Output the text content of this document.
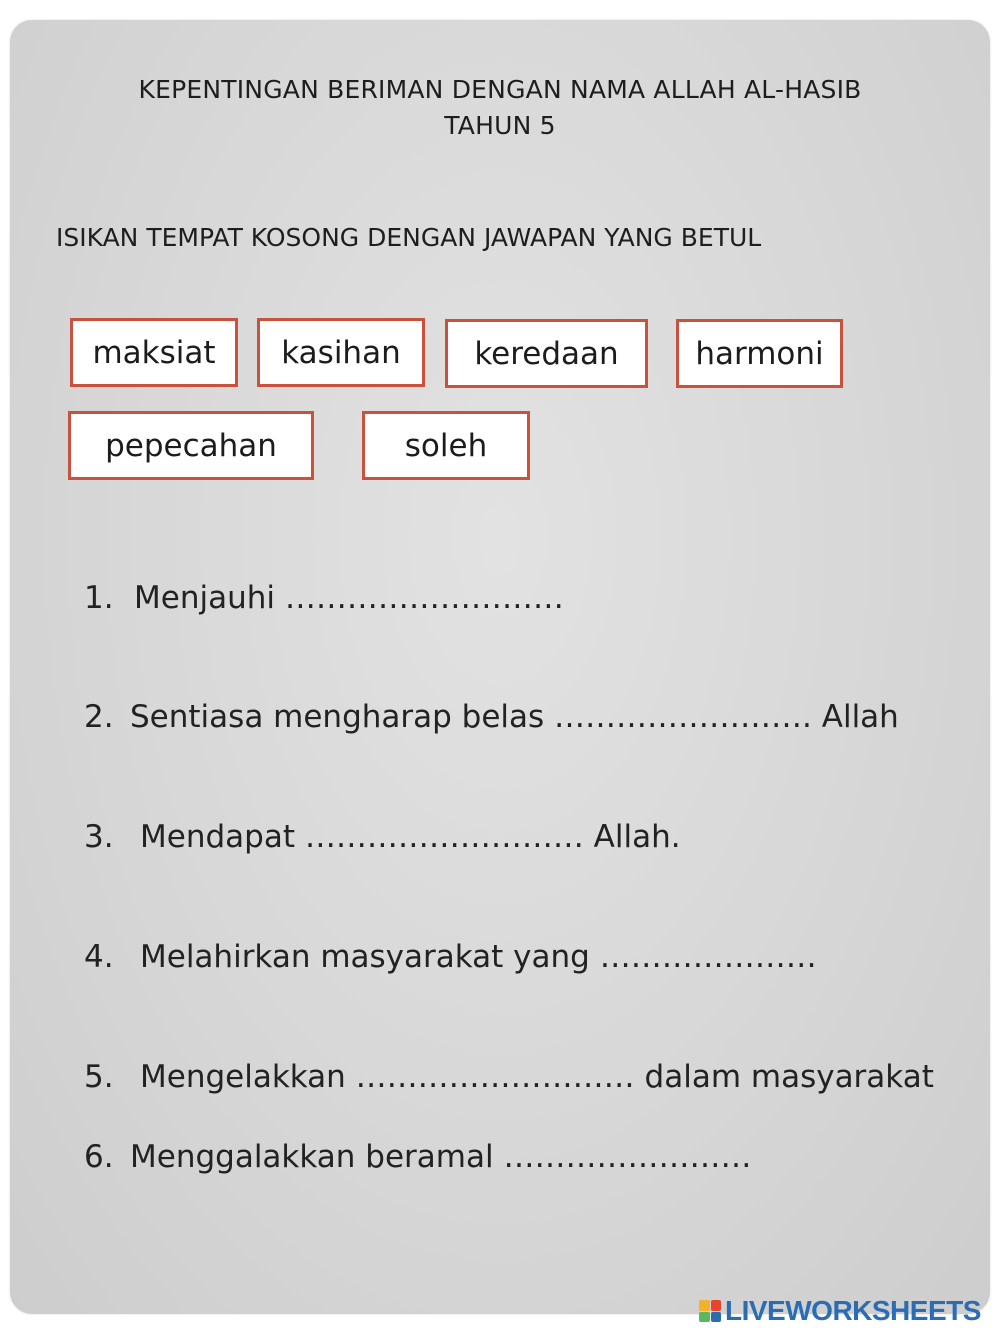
KEPENTINGAN BERIMAN DENGAN NAMA ALLAH AL-HASIB
TAHUN 5
ISIKAN TEMPAT KOSONG DENGAN JAWAPAN YANG BETUL
maksiat	kasihan	keredaan	harmoni
pepecahan	soleh
1. Menjauhi ………………………
2. Sentiasa mengharap belas ……………………. Allah
3. Mendapat ……………………… Allah.
4. Melahirkan masyarakat yang …………………
5. Mengelakkan ……………………… dalam masyarakat
6. Menggalakkan beramal ……………………
LIVEWORKSHEETS
